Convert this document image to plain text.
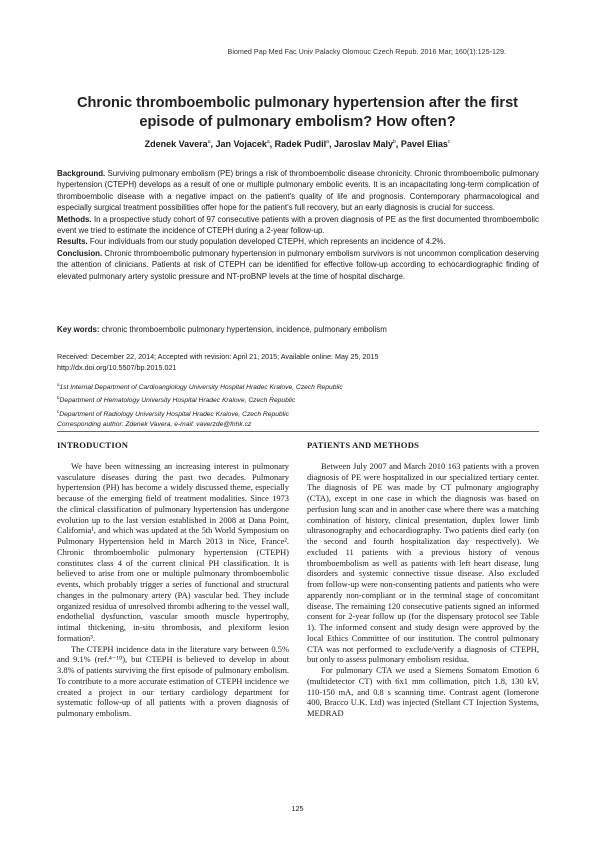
Biomed Pap Med Fac Univ Palacky Olomouc Czech Repub. 2016 Mar; 160(1):125-129.
Chronic thromboembolic pulmonary hypertension after the first episode of pulmonary embolism? How often?
Zdenek Vavera$^a$, Jan Vojacek$^a$, Radek Pudil$^a$, Jaroslav Maly$^b$, Pavel Elias$^c$

Background. Surviving pulmonary embolism (PE) brings a risk of thromboembolic disease chronicity. Chronic thromboembolic pulmonary hypertension (CTEPH) develops as a result of one or multiple pulmonary embolic events. It is an incapacitating long-term complication of thromboembolic disease with a negative impact on the patient's quality of life and prognosis. Contemporary pharmacological and especially surgical treatment possibilities offer hope for the patient's full recovery, but an early diagnosis is crucial for success.

Methods. In a prospective study cohort of 97 consecutive patients with a proven diagnosis of PE as the first documented thromboembolic event we tried to estimate the incidence of CTEPH during a 2-year follow-up.

Results. Four individuals from our study population developed CTEPH, which represents an incidence of 4.2%.

Conclusion. Chronic thromboembolic pulmonary hypertension in pulmonary embolism survivors is not uncommon complication deserving the attention of clinicians. Patients at risk of CTEPH can be identified for effective follow-up according to echocardiographic finding of elevated pulmonary artery systolic pressure and NT-proBNP levels at the time of hospital discharge.

Key words: chronic thromboembolic pulmonary hypertension, incidence, pulmonary embolism
Received: December 22, 2014; Accepted with revision: April 21, 2015; Available online: May 25, 2015
http://dx.doi.org/10.5507/bp.2015.021
$^a$1st Internal Department of Cardioangiology University Hospital Hradec Kralove, Czech Republic
$^b$Department of Hematology University Hospital Hradec Kralove, Czech Republic
$^c$Department of Radiology University Hospital Hradec Kralove, Czech Republic
Corresponding author: Zdenek Vavera, e-mail: vaverzde@fnhk.cz
INTRODUCTION

We have been witnessing an increasing interest in pulmonary vasculature diseases during the past two decades. Pulmonary hypertension (PH) has become a widely discussed theme, especially because of the emerging field of treatment modalities. Since 1973 the clinical classification of pulmonary hypertension has undergone evolution up to the last version established in 2008 at Dana Point, California¹, and which was updated at the 5th World Symposium on Pulmonary Hypertension held in March 2013 in Nice, France². Chronic thromboembolic pulmonary hypertension (CTEPH) constitutes class 4 of the current clinical PH classification. It is believed to arise from one or multiple pulmonary thromboembolic events, which probably trigger a series of functional and structural changes in the pulmonary artery (PA) vascular bed. They include organized residua of unresolved thrombi adhering to the vessel wall, endothelial dysfunction, vascular smooth muscle hypertrophy, intimal thickening, in-situ thrombosis, and plexiform lesion formation³.

The CTEPH incidence data in the literature vary between 0.5% and 9.1% (ref.⁴⁻¹⁰), but CTEPH is believed to develop in about 3.8% of patients surviving the first episode of pulmonary embolism. To contribute to a more accurate estimation of CTEPH incidence we created a project in our tertiary cardiology department for systematic follow-up of all patients with a proven diagnosis of pulmonary embolism.

PATIENTS AND METHODS

Between July 2007 and March 2010 163 patients with a proven diagnosis of PE were hospitalized in our specialized tertiary center. The diagnosis of PE was made by CT pulmonary angiography (CTA), except in one case in which the diagnosis was based on perfusion lung scan and in another case where there was a matching combination of history, clinical presentation, duplex lower limb ultrasonography and echocardiography. Two patients died early (on the second and fourth hospitalization day respectively). We excluded 11 patients with a previous history of venous thromboembolism as well as patients with left heart disease, lung disorders and systemic connective tissue disease. Also excluded from follow-up were non-consenting patients and patients who were apparently non-compliant or in the terminal stage of concomitant disease. The remaining 120 consecutive patients signed an informed consent for 2-year follow up (for the dispensary protocol see Table 1). The informed consent and study design were approved by the local Ethics Committee of our institution. The control pulmonary CTA was not performed to exclude/verify a diagnosis of CTEPH, but only to assess pulmonary embolism residua.

For pulmonary CTA we used a Siemens Somatom Emotion 6 (multidetector CT) with 6x1 mm collimation, pitch 1.8, 130 kV, 110-150 mA, and 0.8 s scanning time. Contrast agent (Iomerone 400, Bracco U.K. Ltd) was injected (Stellant CT Injection Systems, MEDRAD

125
